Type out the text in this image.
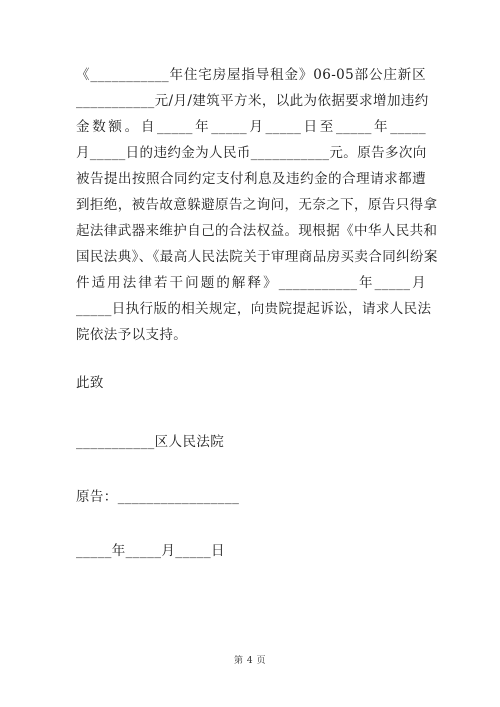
《___________年住宅房屋指导租金》06-05部公庄新区
___________元/月/建筑平方米，以此为依据要求增加违约
金数额。自_____年_____月_____日至_____年_____
月_____日的违约金为人民币___________元。原告多次向
被告提出按照合同约定支付利息及违约金的合理请求都遭
到拒绝，被告故意躲避原告之询问，无奈之下，原告只得拿
起法律武器来维护自己的合法权益。现根据《中华人民共和
国民法典》、《最高人民法院关于审理商品房买卖合同纠纷案
件适用法律若干问题的解释》___________年_____月
_____日执行版的相关规定，向贵院提起诉讼，请求人民法
院依法予以支持。
此致
___________区人民法院
原告：_________________
_____年_____月_____日
第 4 页
